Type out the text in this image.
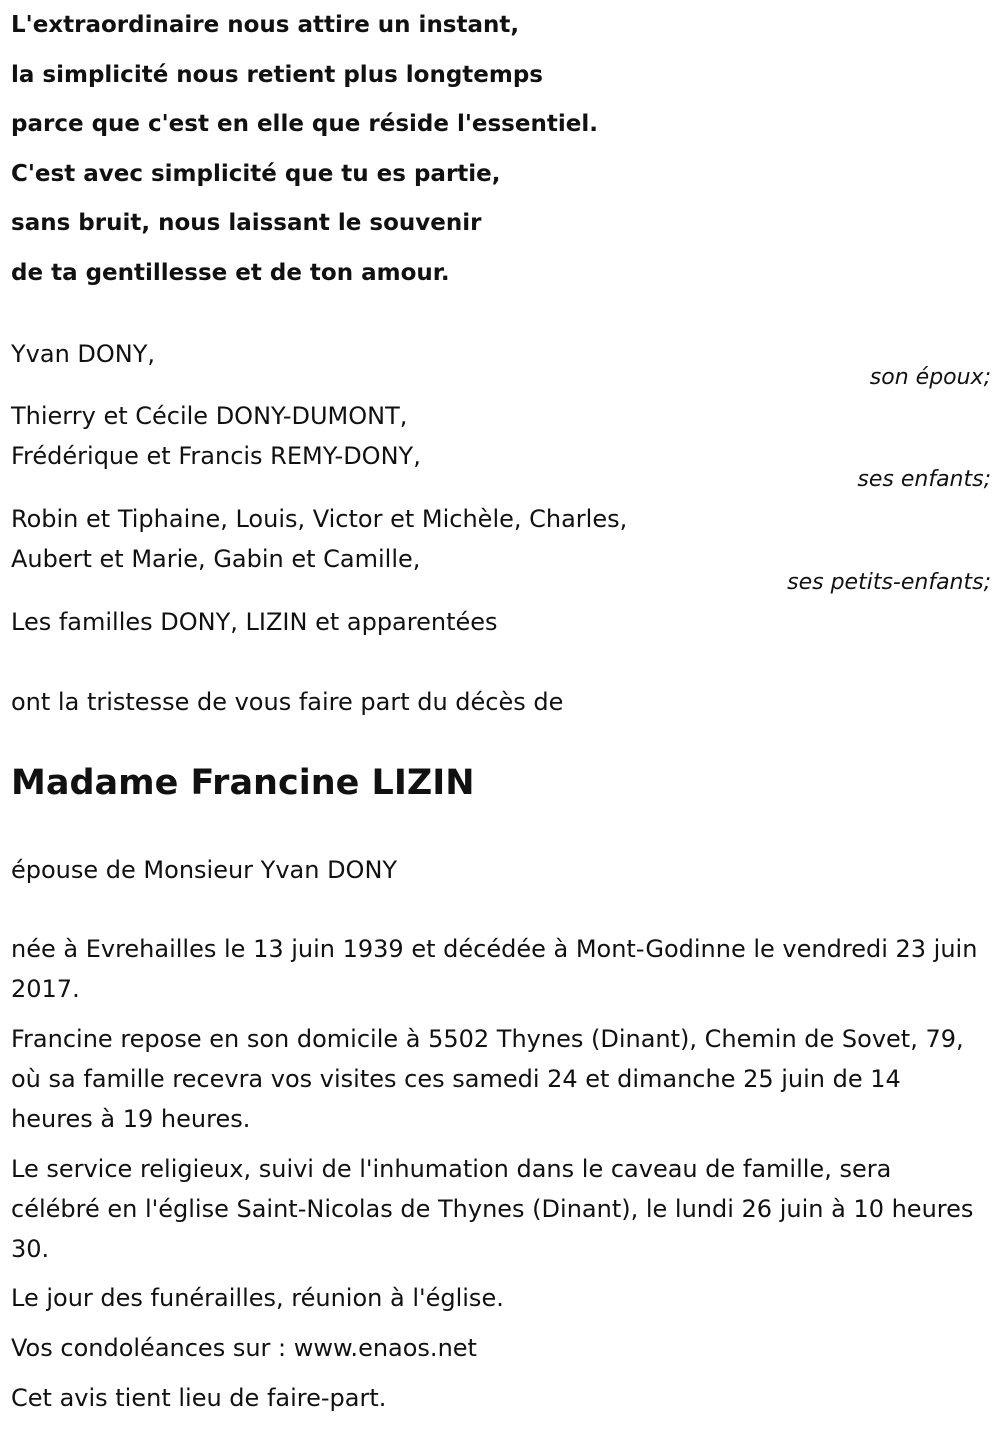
L'extraordinaire nous attire un instant,
la simplicité nous retient plus longtemps
parce que c'est en elle que réside l'essentiel.
C'est avec simplicité que tu es partie,
sans bruit, nous laissant le souvenir
de ta gentillesse et de ton amour.
Yvan DONY,
son époux;
Thierry et Cécile DONY-DUMONT,
Frédérique et Francis REMY-DONY,
ses enfants;
Robin et Tiphaine, Louis, Victor et Michèle, Charles,
Aubert et Marie, Gabin et Camille,
ses petits-enfants;
Les familles DONY, LIZIN et apparentées
ont la tristesse de vous faire part du décès de
Madame Francine LIZIN
épouse de Monsieur Yvan DONY
née à Evrehailles le 13 juin 1939 et décédée à Mont-Godinne le vendredi 23 juin 2017.
Francine repose en son domicile à 5502 Thynes (Dinant), Chemin de Sovet, 79, où sa famille recevra vos visites ces samedi 24 et dimanche 25 juin de 14 heures à 19 heures.
Le service religieux, suivi de l'inhumation dans le caveau de famille, sera célébré en l'église Saint-Nicolas de Thynes (Dinant), le lundi 26 juin à 10 heures 30.
Le jour des funérailles, réunion à l'église.
Vos condoléances sur : www.enaos.net
Cet avis tient lieu de faire-part.
